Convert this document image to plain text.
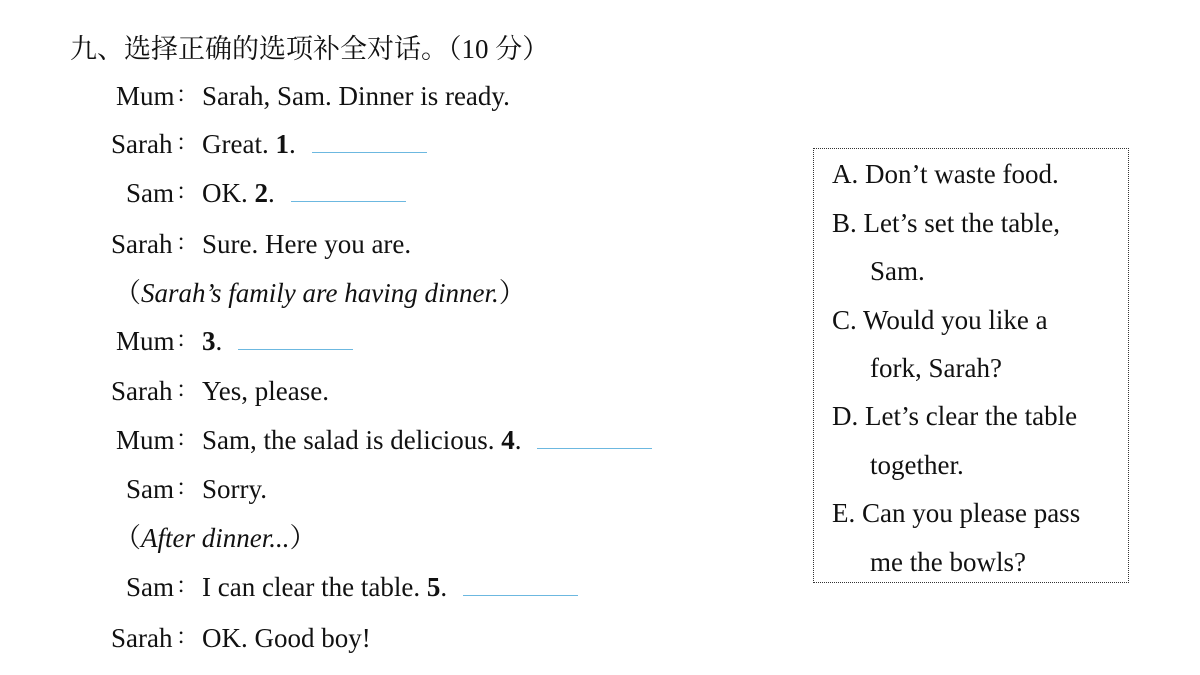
九、选择正确的选项补全对话。（10 分）
Mum ： Sarah, Sam. Dinner is ready.
Sarah ： Great. 1.
Sam ： OK. 2.
Sarah ： Sure. Here you are.
（Sarah’s family are having dinner.）
Mum ： 3.
Sarah ： Yes, please.
Mum ： Sam, the salad is delicious. 4.
Sam ： Sorry.
（After dinner...）
Sam ： I can clear the table. 5.
Sarah ： OK. Good boy!
A. Don’t waste food.
B. Let’s set the table,
Sam.
C. Would you like a
fork, Sarah?
D. Let’s clear the table
together.
E. Can you please pass
me the bowls?
